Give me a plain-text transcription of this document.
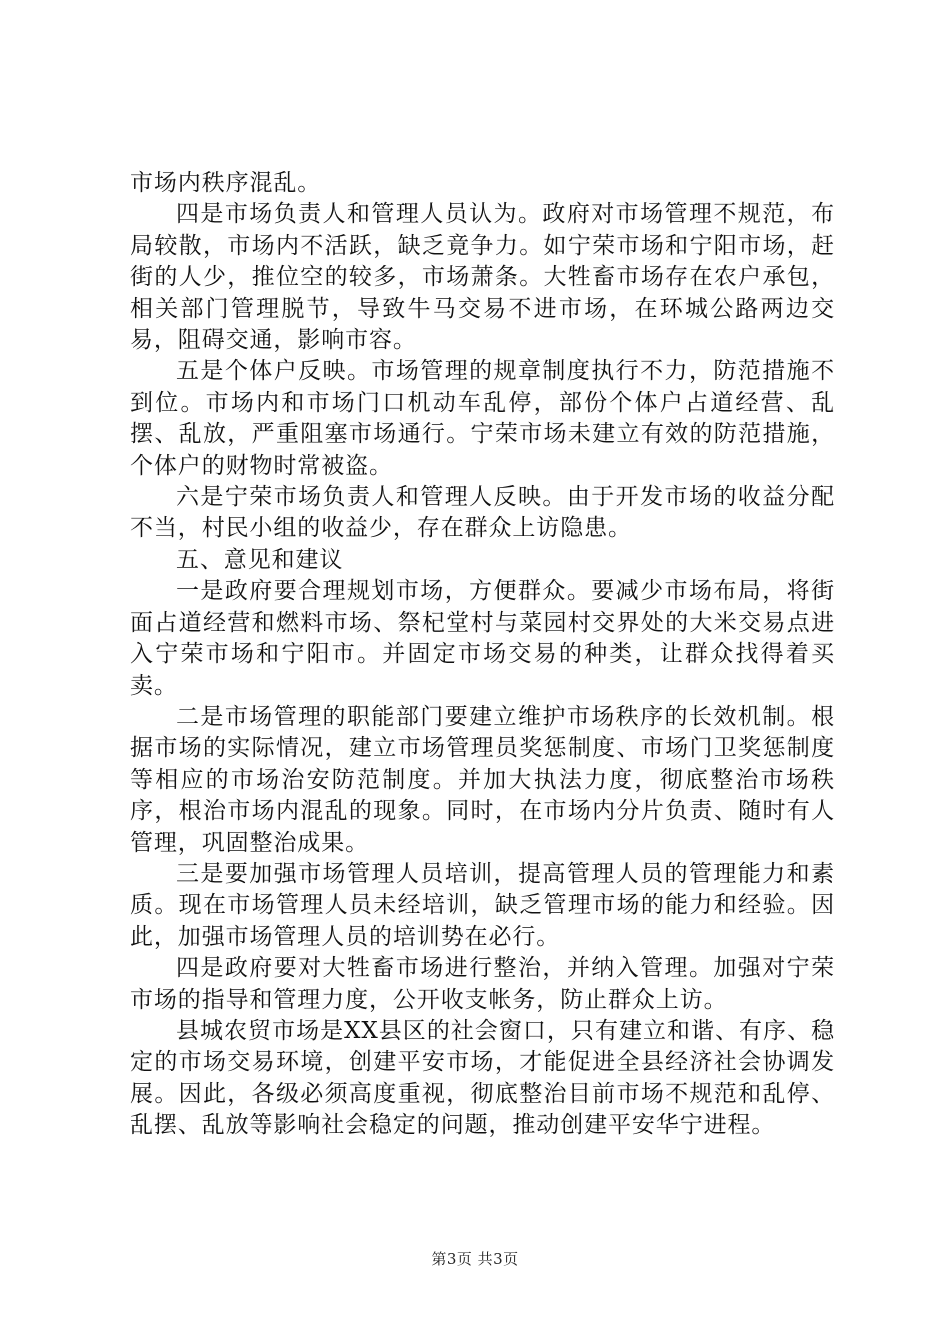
市场内秩序混乱。

四是市场负责人和管理人员认为。政府对市场管理不规范，布局较散，市场内不活跃，缺乏竟争力。如宁荣市场和宁阳市场，赶街的人少，推位空的较多，市场萧条。大牲畜市场存在农户承包，相关部门管理脱节，导致牛马交易不进市场，在环城公路两边交易，阻碍交通，影响市容。

五是个体户反映。市场管理的规章制度执行不力，防范措施不到位。市场内和市场门口机动车乱停，部份个体户占道经营、乱摆、乱放，严重阻塞市场通行。宁荣市场未建立有效的防范措施，个体户的财物时常被盗。

六是宁荣市场负责人和管理人反映。由于开发市场的收益分配不当，村民小组的收益少，存在群众上访隐患。

五、意见和建议

一是政府要合理规划市场，方便群众。要减少市场布局，将街面占道经营和燃料市场、祭杞堂村与菜园村交界处的大米交易点进入宁荣市场和宁阳市。并固定市场交易的种类，让群众找得着买卖。

二是市场管理的职能部门要建立维护市场秩序的长效机制。根据市场的实际情况，建立市场管理员奖惩制度、市场门卫奖惩制度等相应的市场治安防范制度。并加大执法力度，彻底整治市场秩序，根治市场内混乱的现象。同时，在市场内分片负责、随时有人管理，巩固整治成果。

三是要加强市场管理人员培训，提高管理人员的管理能力和素质。现在市场管理人员未经培训，缺乏管理市场的能力和经验。因此，加强市场管理人员的培训势在必行。

四是政府要对大牲畜市场进行整治，并纳入管理。加强对宁荣市场的指导和管理力度，公开收支帐务，防止群众上访。

县城农贸市场是XX县区的社会窗口，只有建立和谐、有序、稳定的市场交易环境，创建平安市场，才能促进全县经济社会协调发展。因此，各级必须高度重视，彻底整治目前市场不规范和乱停、乱摆、乱放等影响社会稳定的问题，推动创建平安华宁进程。

第3页 共3页
